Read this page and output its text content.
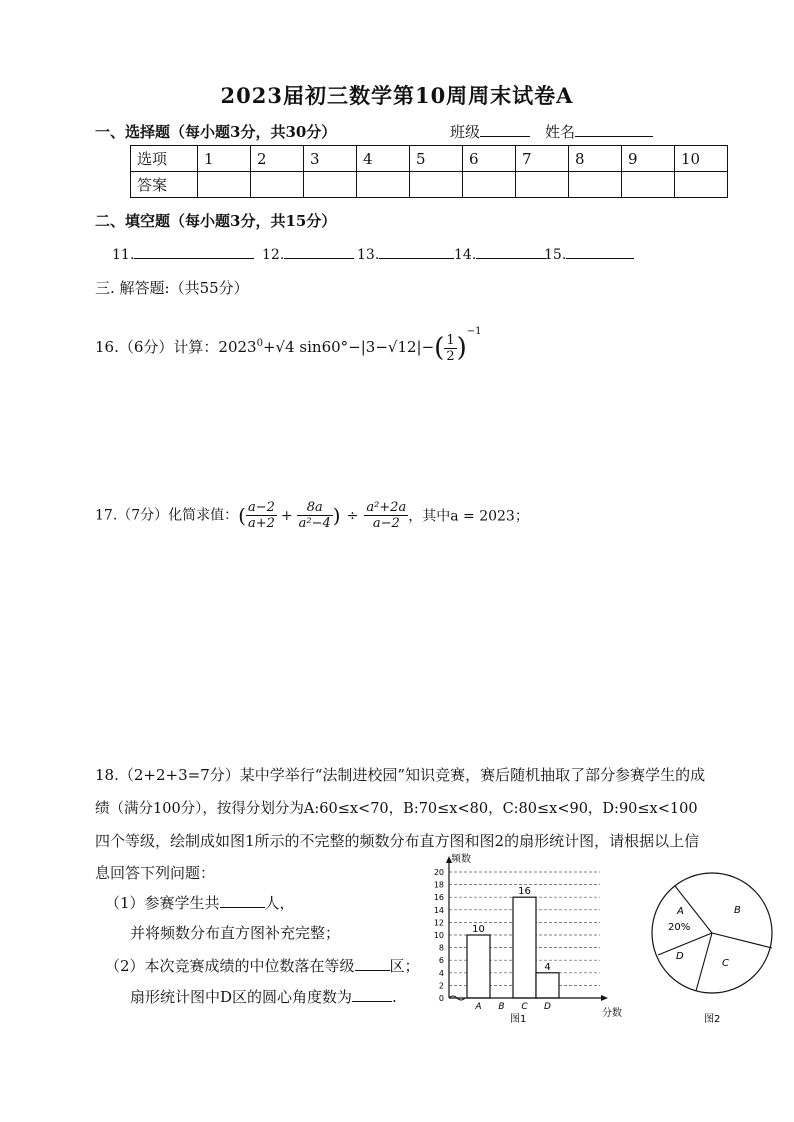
2023届初三数学第10周周末试卷A
一、选择题（每小题3分，共30分）	班级	姓名
选项	1	2	3	4	5	6	7	8	9	10
答案										
二、填空题（每小题3分，共15分）
11.	12.	13.	14.	15.
三. 解答题:（共55分）
16.（6分）计算：$2023^0+√4$ $\sin 60^\circ-|3-√12|-( \frac{1}{2} )^{-1}$
17.（7分）化简求值：( $\frac{a-2}{a+2} + \frac{8a}{\text{a²−4}}$ ) ÷ $\frac{\text{a²+2a}}{a-2}$ ，其中a = 2023；
18.（2+2+3=7分）某中学举行“法制进校园”知识竞赛，赛后随机抽取了部分参赛学生的成
绩（满分100分），按得分划分为A:60≤x<70，B:70≤x<80，C:80≤x<90，D:90≤x<100
四个等级，绘制成如图1所示的不完整的频数分布直方图和图2的扇形统计图，请根据以上信
息回答下列问题：
（1）参赛学生共	人，
并将频数分布直方图补充完整；
（2）本次竞赛成绩的中位数落在等级 区；
扇形统计图中D区的圆心角度数为	.	0
2
4
6
8
10
12
14
16
18
20
10
16
4
A B C D
频数
分数
图1
A
20%
B
C
D
图2
